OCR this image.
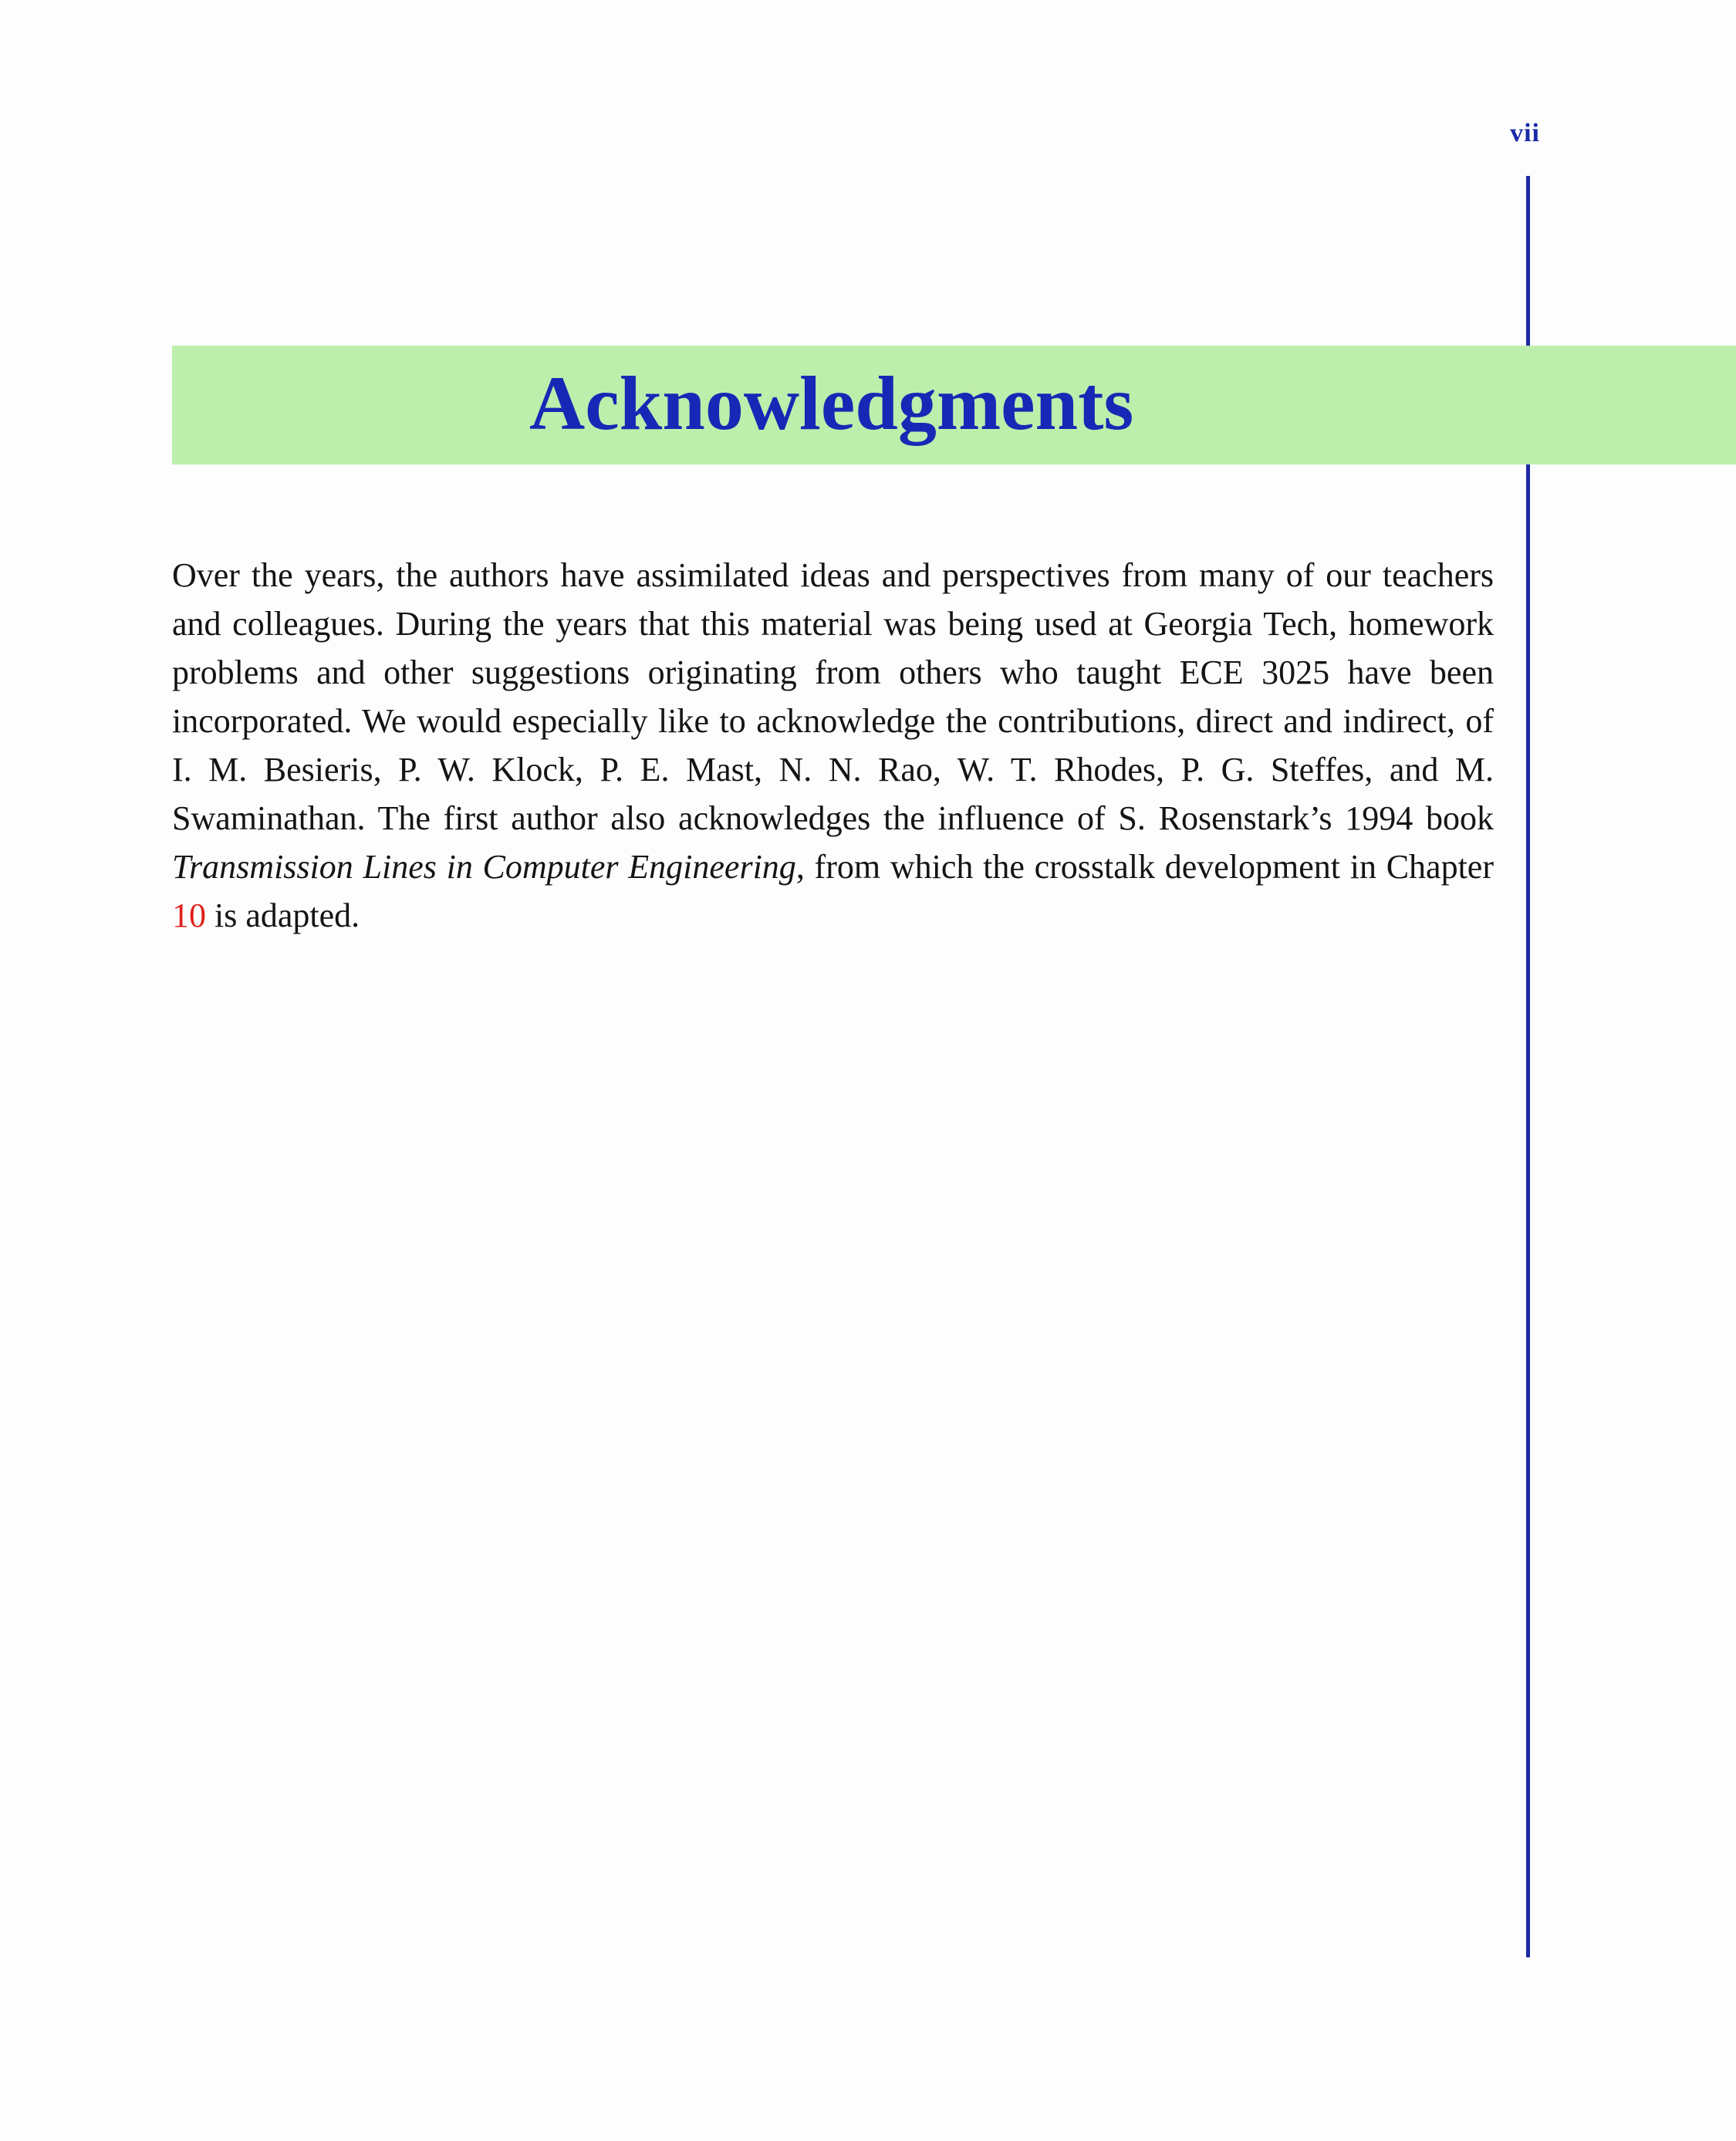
vii
Acknowledgments

Over the years, the authors have assimilated ideas and perspectives from many of our teachers and colleagues. During the years that this material was being used at Georgia Tech, homework problems and other suggestions originating from others who taught ECE 3025 have been incorporated. We would especially like to acknowledge the contributions, direct and indirect, of I. M. Besieris, P. W. Klock, P. E. Mast, N. N. Rao, W. T. Rhodes, P. G. Steffes, and M. Swaminathan. The first author also acknowledges the influence of S. Rosenstark’s 1994 book Transmission Lines in Computer Engineering, from which the crosstalk development in Chapter 10 is adapted.
